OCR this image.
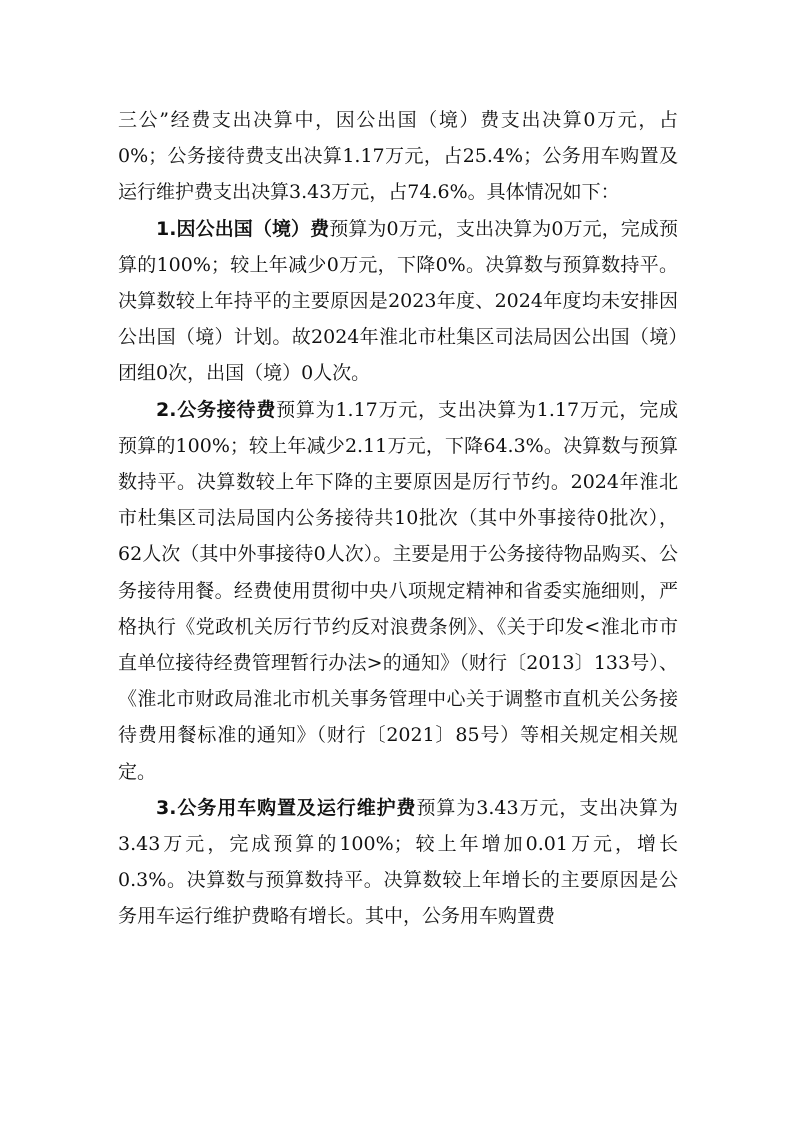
三公”经费支出决算中，因公出国（境）费支出决算0万元，占0%；公务接待费支出决算1.17万元，占25.4%；公务用车购置及运行维护费支出决算3.43万元，占74.6%。具体情况如下：

1.因公出国（境）费预算为0万元，支出决算为0万元，完成预算的100%；较上年减少0万元，下降0%。决算数与预算数持平。决算数较上年持平的主要原因是2023年度、2024年度均未安排因公出国（境）计划。故2024年淮北市杜集区司法局因公出国（境）团组0次，出国（境）0人次。

2.公务接待费预算为1.17万元，支出决算为1.17万元，完成预算的100%；较上年减少2.11万元，下降64.3%。决算数与预算数持平。决算数较上年下降的主要原因是厉行节约。2024年淮北市杜集区司法局国内公务接待共10批次（其中外事接待0批次），62人次（其中外事接待0人次）。主要是用于公务接待物品购买、公务接待用餐。经费使用贯彻中央八项规定精神和省委实施细则，严格执行《党政机关厉行节约反对浪费条例》、《关于印发<淮北市市直单位接待经费管理暂行办法>的通知》（财行〔2013〕133号）、《淮北市财政局淮北市机关事务管理中心关于调整市直机关公务接待费用餐标准的通知》（财行〔2021〕85号）等相关规定相关规定。

3.公务用车购置及运行维护费预算为3.43万元，支出决算为3.43万元，完成预算的100%；较上年增加0.01万元，增长0.3%。决算数与预算数持平。决算数较上年增长的主要原因是公务用车运行维护费略有增长。其中，公务用车购置费
